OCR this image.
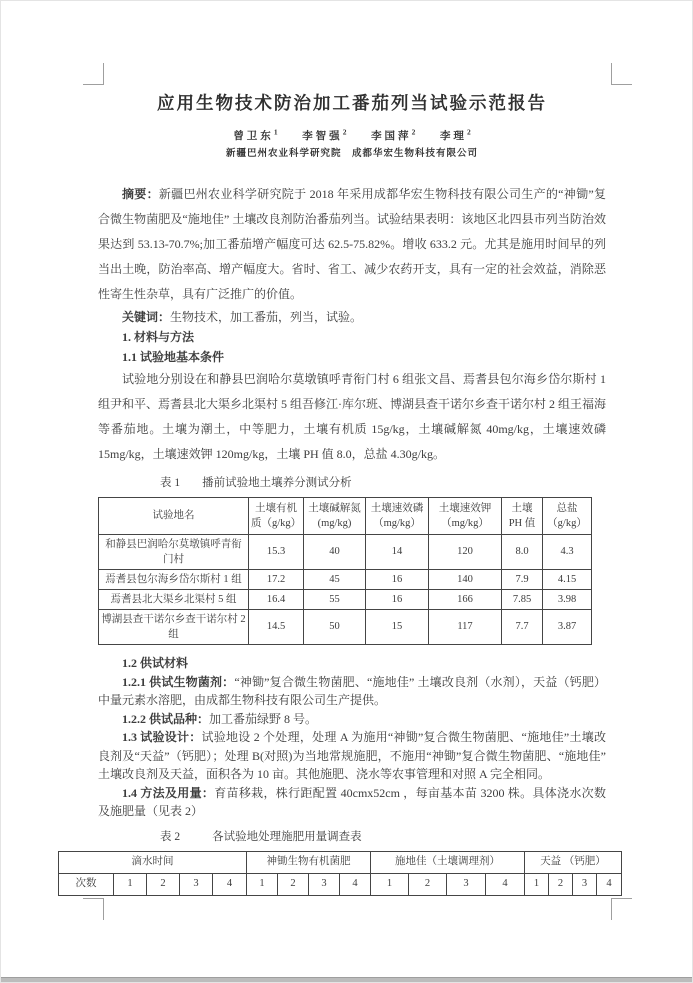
应用生物技术防治加工番茄列当试验示范报告
曾卫东$^1$ 李智强$^2$ 李国萍$^2$ 李理$^2$
新疆巴州农业科学研究院　成都华宏生物科技有限公司

摘要：新疆巴州农业科学研究院于 2018 年采用成都华宏生物科技有限公司生产的“神锄”复合微生物菌肥及“施地佳” 土壤改良剂防治番茄列当。试验结果表明：该地区北四县市列当防治效果达到 53.13-70.7%;加工番茄增产幅度可达 62.5-75.82%。增收 633.2 元。尤其是施用时间早的列当出土晚，防治率高、增产幅度大。省时、省工、减少农药开支，具有一定的社会效益，消除恶性寄生性杂草，具有广泛推广的价值。

关键词：生物技术，加工番茄，列当，试验。

1. 材料与方法

1.1 试验地基本条件

试验地分别设在和静县巴润哈尔莫墩镇呼青衔门村 6 组张文昌、焉耆县包尔海乡岱尔斯村 1 组尹和平、焉耆县北大渠乡北渠村 5 组吾修江·库尔班、博湖县查干诺尔乡查干诺尔村 2 组王福海等番茄地。土壤为潮土，中等肥力，土壤有机质 15g/kg，土壤碱解氮 40mg/kg，土壤速效磷 15mg/kg，土壤速效钾 120mg/kg，土壤 PH 值 8.0，总盐 4.30g/kg。

表 1 播前试验地土壤养分测试分析
试验地名	土壤有机质（g/kg）	土壤碱解氮(mg/kg)	土壤速效磷（mg/kg）	土壤速效钾（mg/kg）	土壤 PH 值	总盐（g/kg）
和静县巴润哈尔莫墩镇呼青衔门村	15.3	40	14	120	8.0	4.3
焉耆县包尔海乡岱尔斯村 1 组	17.2	45	16	140	7.9	4.15
焉耆县北大渠乡北渠村 5 组	16.4	55	16	166	7.85	3.98
博湖县查干诺尔乡查干诺尔村 2 组	14.5	50	15	117	7.7	3.87

1.2 供试材料

1.2.1 供试生物菌剂：“神锄”复合微生物菌肥、“施地佳” 土壤改良剂（水剂），天益（钙肥）中量元素水溶肥，由成都生物科技有限公司生产提供。

1.2.2 供试品种：加工番茄绿野 8 号。

1.3 试验设计：试验地设 2 个处理，处理 A 为施用“神锄”复合微生物菌肥、“施地佳”土壤改良剂及“天益”（钙肥）；处理 B(对照)为当地常规施肥，不施用“神锄”复合微生物菌肥、“施地佳” 土壤改良剂及天益，面积各为 10 亩。其他施肥、浇水等农事管理和对照 A 完全相同。

1.4 方法及用量：育苗移栽，株行距配置 40cmx52cm ，每亩基本苗 3200 株。具体浇水次数及施肥量（见表 2）

表 2	各试验地处理施肥用量调查表
滴水时间					神锄生物有机菌肥				施地佳（土壤调理剂）				天益 （钙肥）			
次数	1	2	3	4	1	2	3	4	1	2	3	4	1	2	3	4
